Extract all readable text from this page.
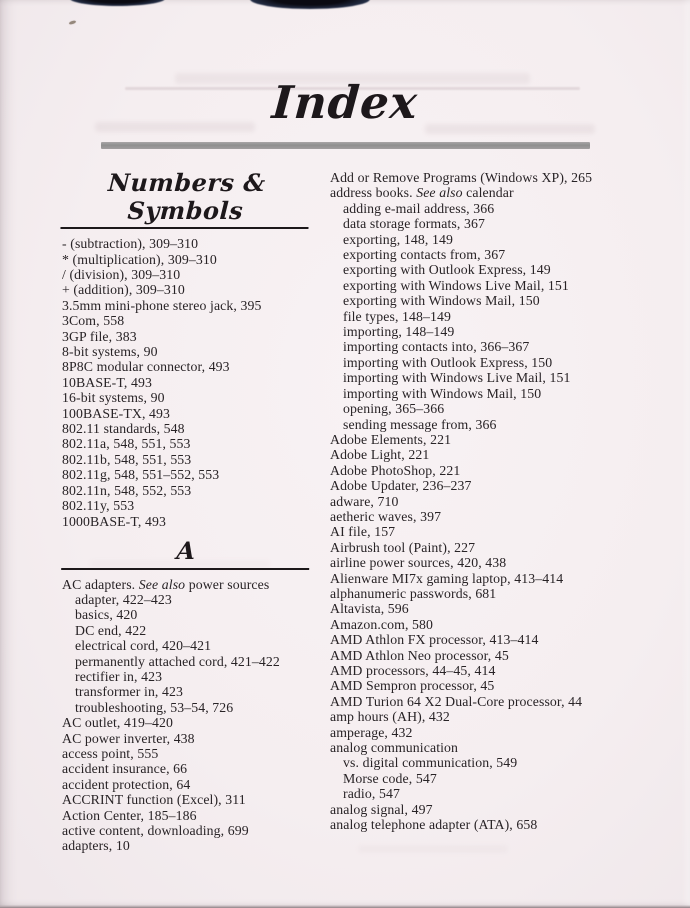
Index
Numbers & Symbols
- (subtraction), 309–310
* (multiplication), 309–310
/ (division), 309–310
+ (addition), 309–310
3.5mm mini-phone stereo jack, 395
3Com, 558
3GP file, 383
8-bit systems, 90
8P8C modular connector, 493
10BASE-T, 493
16-bit systems, 90
100BASE-TX, 493
802.11 standards, 548
802.11a, 548, 551, 553
802.11b, 548, 551, 553
802.11g, 548, 551–552, 553
802.11n, 548, 552, 553
802.11y, 553
1000BASE-T, 493
A
AC adapters. See also power sources
adapter, 422–423
basics, 420
DC end, 422
electrical cord, 420–421
permanently attached cord, 421–422
rectifier in, 423
transformer in, 423
troubleshooting, 53–54, 726
AC outlet, 419–420
AC power inverter, 438
access point, 555
accident insurance, 66
accident protection, 64
ACCRINT function (Excel), 311
Action Center, 185–186
active content, downloading, 699
adapters, 10
Add or Remove Programs (Windows XP), 265
address books. See also calendar
adding e-mail address, 366
data storage formats, 367
exporting, 148, 149
exporting contacts from, 367
exporting with Outlook Express, 149
exporting with Windows Live Mail, 151
exporting with Windows Mail, 150
file types, 148–149
importing, 148–149
importing contacts into, 366–367
importing with Outlook Express, 150
importing with Windows Live Mail, 151
importing with Windows Mail, 150
opening, 365–366
sending message from, 366
Adobe Elements, 221
Adobe Light, 221
Adobe PhotoShop, 221
Adobe Updater, 236–237
adware, 710
aetheric waves, 397
AI file, 157
Airbrush tool (Paint), 227
airline power sources, 420, 438
Alienware MI7x gaming laptop, 413–414
alphanumeric passwords, 681
Altavista, 596
Amazon.com, 580
AMD Athlon FX processor, 413–414
AMD Athlon Neo processor, 45
AMD processors, 44–45, 414
AMD Sempron processor, 45
AMD Turion 64 X2 Dual-Core processor, 44
amp hours (AH), 432
amperage, 432
analog communication
vs. digital communication, 549
Morse code, 547
radio, 547
analog signal, 497
analog telephone adapter (ATA), 658
